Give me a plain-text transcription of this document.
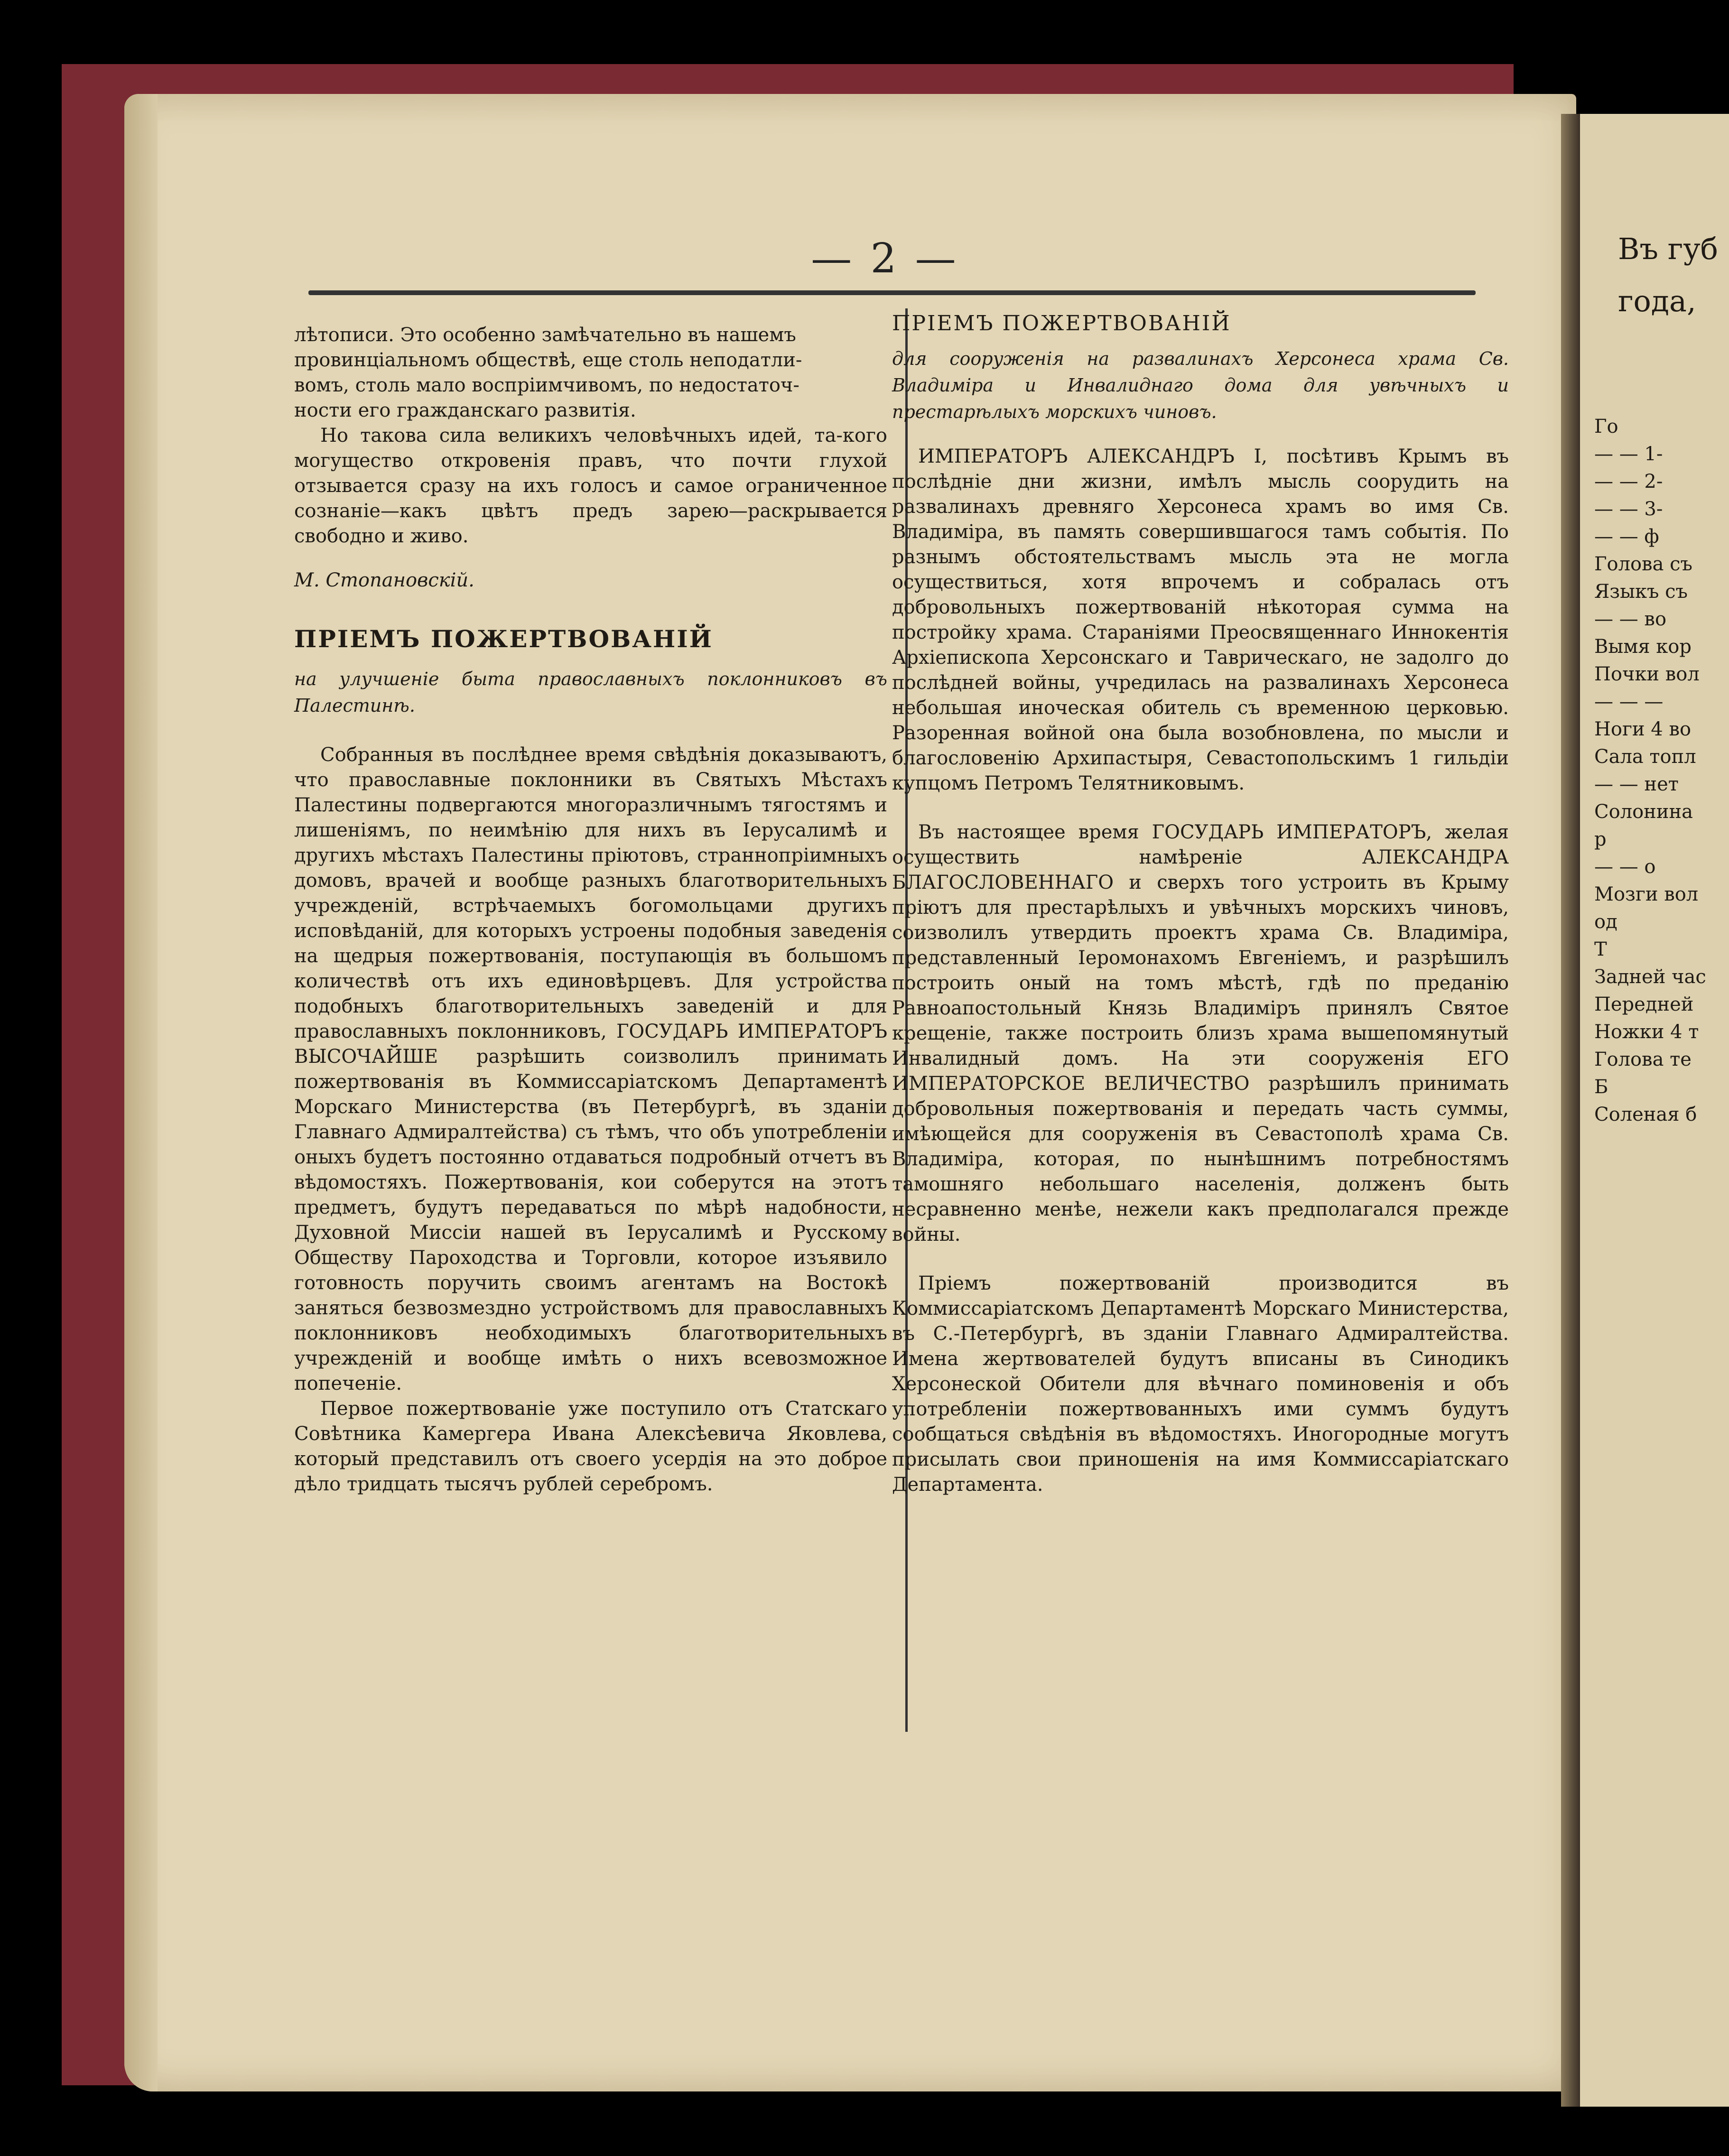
Въ губ
года,
Го
— — 1-
— — 2-
— — 3-
— — ф
Голова съ
Языкъ съ
— — во
Вымя кор
Почки вол
— — —
Ноги 4 во
Сала топл
— — нет
Солонина
р
— — о
Мозги вол
од
Т
Задней час
Передней
Ножки 4 т
Голова те
Б
Соленая б
— 2 —

лѣтописи. Это особенно замѣчательно въ нашемъ

провинціальномъ обществѣ, еще столь неподатли-

вомъ, столь мало воспріимчивомъ, по недостаточ-

ности его гражданскаго развитія.

Но такова сила великихъ человѣчныхъ идей, та-кого могущество откровенія правъ, что почти глухой отзывается сразу на ихъ голосъ и самое ограниченное сознаніе—какъ цвѣтъ предъ зарею—раскрывается свободно и живо.

М. Стопановскій.

ПРІЕМЪ ПОЖЕРТВОВАНІЙ

на улучшеніе быта православныхъ поклонниковъ въ Палестинѣ.

Собранныя въ послѣднее время свѣдѣнія доказываютъ, что православные поклонники въ Святыхъ Мѣстахъ Палестины подвергаются многоразличнымъ тягостямъ и лишеніямъ, по неимѣнію для нихъ въ Іерусалимѣ и другихъ мѣстахъ Палестины пріютовъ, страннопріимныхъ домовъ, врачей и вообще разныхъ благотворительныхъ учрежденій, встрѣчаемыхъ богомольцами другихъ исповѣданій, для которыхъ устроены подобныя заведенія на щедрыя пожертвованія, поступающія въ большомъ количествѣ отъ ихъ единовѣрцевъ. Для устройства подобныхъ благотворительныхъ заведеній и для православныхъ поклонниковъ, ГОСУДАРЬ ИМПЕРАТОРЪ ВЫСОЧАЙШЕ разрѣшить соизволилъ принимать пожертвованія въ Коммиссаріатскомъ Департаментѣ Морскаго Министерства (въ Петербургѣ, въ зданіи Главнаго Адмиралтейства) съ тѣмъ, что объ употребленіи оныхъ будетъ постоянно отдаваться подробный отчетъ въ вѣдомостяхъ. Пожертвованія, кои соберутся на этотъ предметъ, будутъ передаваться по мѣрѣ надобности, Духовной Миссіи нашей въ Іерусалимѣ и Русскому Обществу Пароходства и Торговли, которое изъявило готовность поручить своимъ агентамъ на Востокѣ заняться безвозмездно устройствомъ для православныхъ поклонниковъ необходимыхъ благотворительныхъ учрежденій и вообще имѣть о нихъ всевозможное попеченіе.

Первое пожертвованіе уже поступило отъ Статскаго Совѣтника Камергера Ивана Алексѣевича Яковлева, который представилъ отъ своего усердія на это доброе дѣло тридцать тысячъ рублей серебромъ.

ПРІЕМЪ ПОЖЕРТВОВАНІЙ

для сооруженія на развалинахъ Херсонеса храма Св. Владиміра и Инвалиднаго дома для увѣчныхъ и престарѣлыхъ морскихъ чиновъ.

ИМПЕРАТОРЪ АЛЕКСАНДРЪ I, посѣтивъ Крымъ въ послѣдніе дни жизни, имѣлъ мысль соорудить на развалинахъ древняго Херсонеса храмъ во имя Св. Владиміра, въ память совершившагося тамъ событія. По разнымъ обстоятельствамъ мысль эта не могла осуществиться, хотя впрочемъ и собралась отъ добровольныхъ пожертвованій нѣкоторая сумма на постройку храма. Стараніями Преосвященнаго Иннокентія Архіепископа Херсонскаго и Таврическаго, не задолго до послѣдней войны, учредилась на развалинахъ Херсонеса небольшая иноческая обитель съ временною церковью. Разоренная войной она была возобновлена, по мысли и благословенію Архипастыря, Севастопольскимъ 1 гильдіи купцомъ Петромъ Телятниковымъ.

Въ настоящее время ГОСУДАРЬ ИМПЕРАТОРЪ, желая осуществить намѣреніе АЛЕКСАНДРА БЛАГОСЛОВЕННАГО и сверхъ того устроить въ Крыму пріютъ для престарѣлыхъ и увѣчныхъ морскихъ чиновъ, соизволилъ утвердить проектъ храма Св. Владиміра, представленный Іеромонахомъ Евгеніемъ, и разрѣшилъ построить оный на томъ мѣстѣ, гдѣ по преданію Равноапостольный Князь Владиміръ принялъ Святое крещеніе, также построить близъ храма вышепомянутый Инвалидный домъ. На эти сооруженія ЕГО ИМПЕРАТОРСКОЕ ВЕЛИЧЕСТВО разрѣшилъ принимать добровольныя пожертвованія и передать часть суммы, имѣющейся для сооруженія въ Севастополѣ храма Св. Владиміра, которая, по нынѣшнимъ потребностямъ тамошняго небольшаго населенія, долженъ быть несравненно менѣе, нежели какъ предполагался прежде войны.

Пріемъ пожертвованій производится въ Коммиссаріатскомъ Департаментѣ Морскаго Министерства, въ С.-Петербургѣ, въ зданіи Главнаго Адмиралтейства. Имена жертвователей будутъ вписаны въ Синодикъ Херсонеской Обители для вѣчнаго поминовенія и объ употребленіи пожертвованныхъ ими суммъ будутъ сообщаться свѣдѣнія въ вѣдомостяхъ. Иногородные могутъ присылать свои приношенія на имя Коммиссаріатскаго Департамента.
